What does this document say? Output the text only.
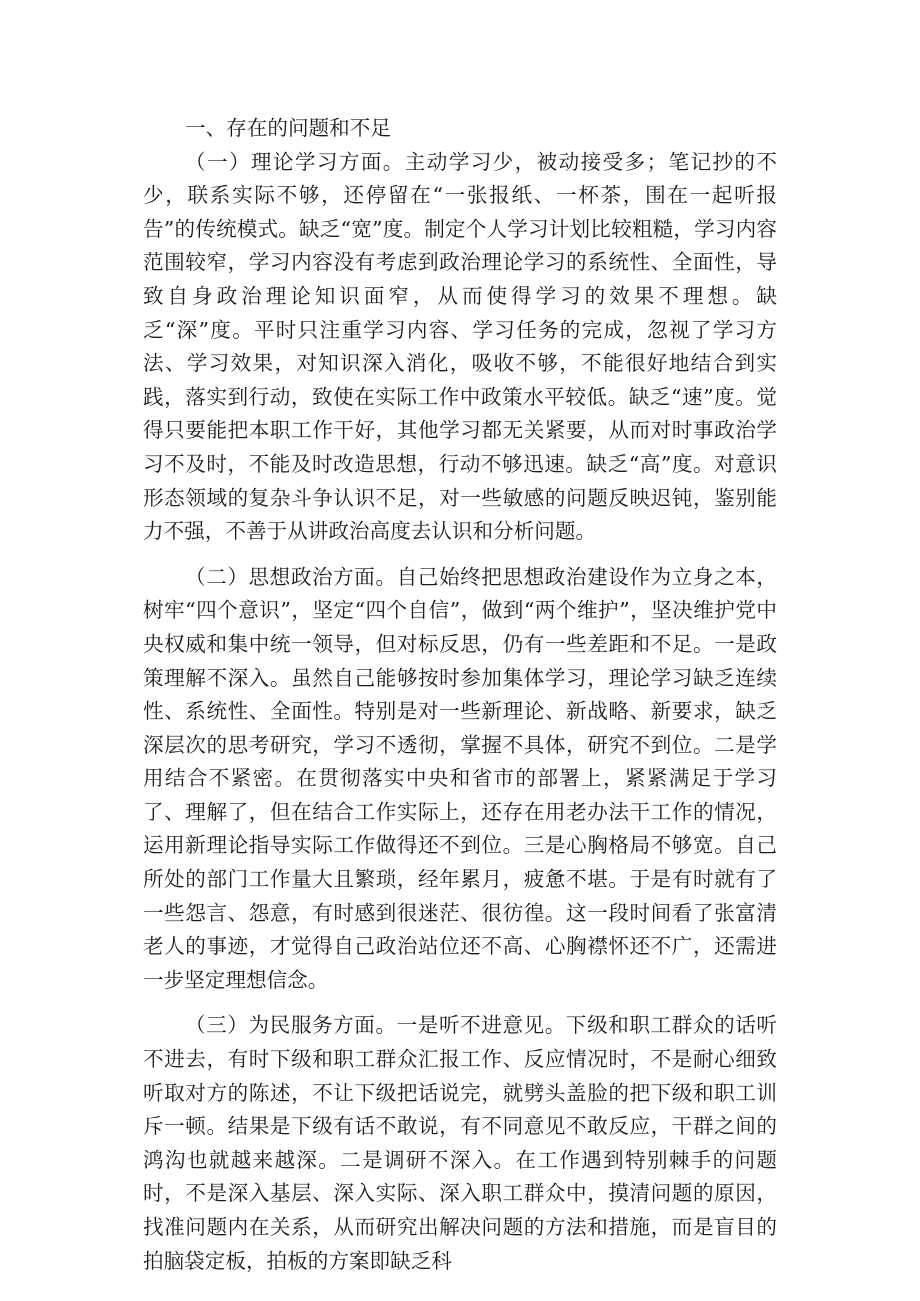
一、存在的问题和不足

（一）理论学习方面。主动学习少，被动接受多；笔记抄的不少，联系实际不够，还停留在“一张报纸、一杯茶，围在一起听报告”的传统模式。缺乏“宽”度。制定个人学习计划比较粗糙，学习内容范围较窄，学习内容没有考虑到政治理论学习的系统性、全面性，导致自身政治理论知识面窄，从而使得学习的效果不理想。缺乏“深”度。平时只注重学习内容、学习任务的完成，忽视了学习方法、学习效果，对知识深入消化，吸收不够，不能很好地结合到实践，落实到行动，致使在实际工作中政策水平较低。缺乏“速”度。觉得只要能把本职工作干好，其他学习都无关紧要，从而对时事政治学习不及时，不能及时改造思想，行动不够迅速。缺乏“高”度。对意识形态领域的复杂斗争认识不足，对一些敏感的问题反映迟钝，鉴别能力不强，不善于从讲政治高度去认识和分析问题。

（二）思想政治方面。自己始终把思想政治建设作为立身之本，树牢“四个意识”，坚定“四个自信”，做到“两个维护”，坚决维护党中央权威和集中统一领导，但对标反思，仍有一些差距和不足。一是政策理解不深入。虽然自己能够按时参加集体学习，理论学习缺乏连续性、系统性、全面性。特别是对一些新理论、新战略、新要求，缺乏深层次的思考研究，学习不透彻，掌握不具体，研究不到位。二是学用结合不紧密。在贯彻落实中央和省市的部署上，紧紧满足于学习了、理解了，但在结合工作实际上，还存在用老办法干工作的情况，运用新理论指导实际工作做得还不到位。三是心胸格局不够宽。自己所处的部门工作量大且繁琐，经年累月，疲惫不堪。于是有时就有了一些怨言、怨意，有时感到很迷茫、很彷徨。这一段时间看了张富清老人的事迹，才觉得自己政治站位还不高、心胸襟怀还不广，还需进一步坚定理想信念。

（三）为民服务方面。一是听不进意见。下级和职工群众的话听不进去，有时下级和职工群众汇报工作、反应情况时，不是耐心细致听取对方的陈述，不让下级把话说完，就劈头盖脸的把下级和职工训斥一顿。结果是下级有话不敢说，有不同意见不敢反应，干群之间的鸿沟也就越来越深。二是调研不深入。在工作遇到特别棘手的问题时，不是深入基层、深入实际、深入职工群众中，摸清问题的原因，找准问题内在关系，从而研究出解决问题的方法和措施，而是盲目的拍脑袋定板，拍板的方案即缺乏科
